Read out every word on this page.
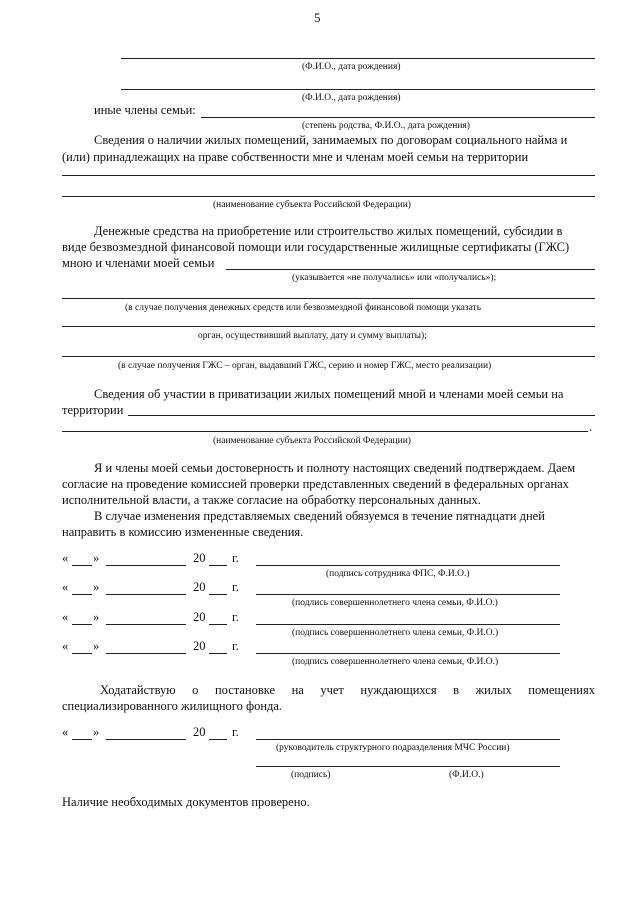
5
(Ф.И.О., дата рождения)
(Ф.И.О., дата рождения)
иные члены семьи:
(степень родства, Ф.И.О., дата рождения)
Сведения о наличии жилых помещений, занимаемых по договорам социального найма и
(или) принадлежащих на праве собственности мне и членам моей семьи на территории
(наименование субъекта Российской Федерации)
Денежные средства на приобретение или строительство жилых помещений, субсидии в
виде безвозмездной финансовой помощи или государственные жилищные сертификаты (ГЖС)
мною и членами моей семьи
(указывается «не получались» или «получались»);
(в случае получения денежных средств или безвозмездной финансовой помощи указать
орган, осуществивший выплату, дату и сумму выплаты);
(в случае получения ГЖС – орган, выдавший ГЖС, серию и номер ГЖС, место реализации)
Сведения об участии в приватизации жилых помещений мной и членами моей семьи на
территории
.
(наименование субъекта Российской Федерации)
Я и члены моей семьи достоверность и полноту настоящих сведений подтверждаем. Даем
согласие на проведение комиссией проверки представленных сведений в федеральных органах
исполнительной власти, а также согласие на обработку персональных данных.
В случае изменения представляемых сведений обязуемся в течение пятнадцати дней
направить в комиссию измененные сведения.
« »	20 г.
(подпись сотрудника ФПС, Ф.И.О.)
« »	20 г.
(подлись совершеннолетнего члена семьи, Ф.И.О.)
« »	20 г.
(подпись совершеннолетнего члена семьи, Ф.И.О.)
« »	20 г.
(подпись совершеннолетнего члена семьи, Ф.И.О.)
Ходатайствую о постановке на учет нуждающихся в жилых помещениях
специализированного жилищного фонда.
« »	20 г.
(руководитель структурного подразделения МЧС России)
(подпись)	(Ф.И.О.)
Наличие необходимых документов проверено.
